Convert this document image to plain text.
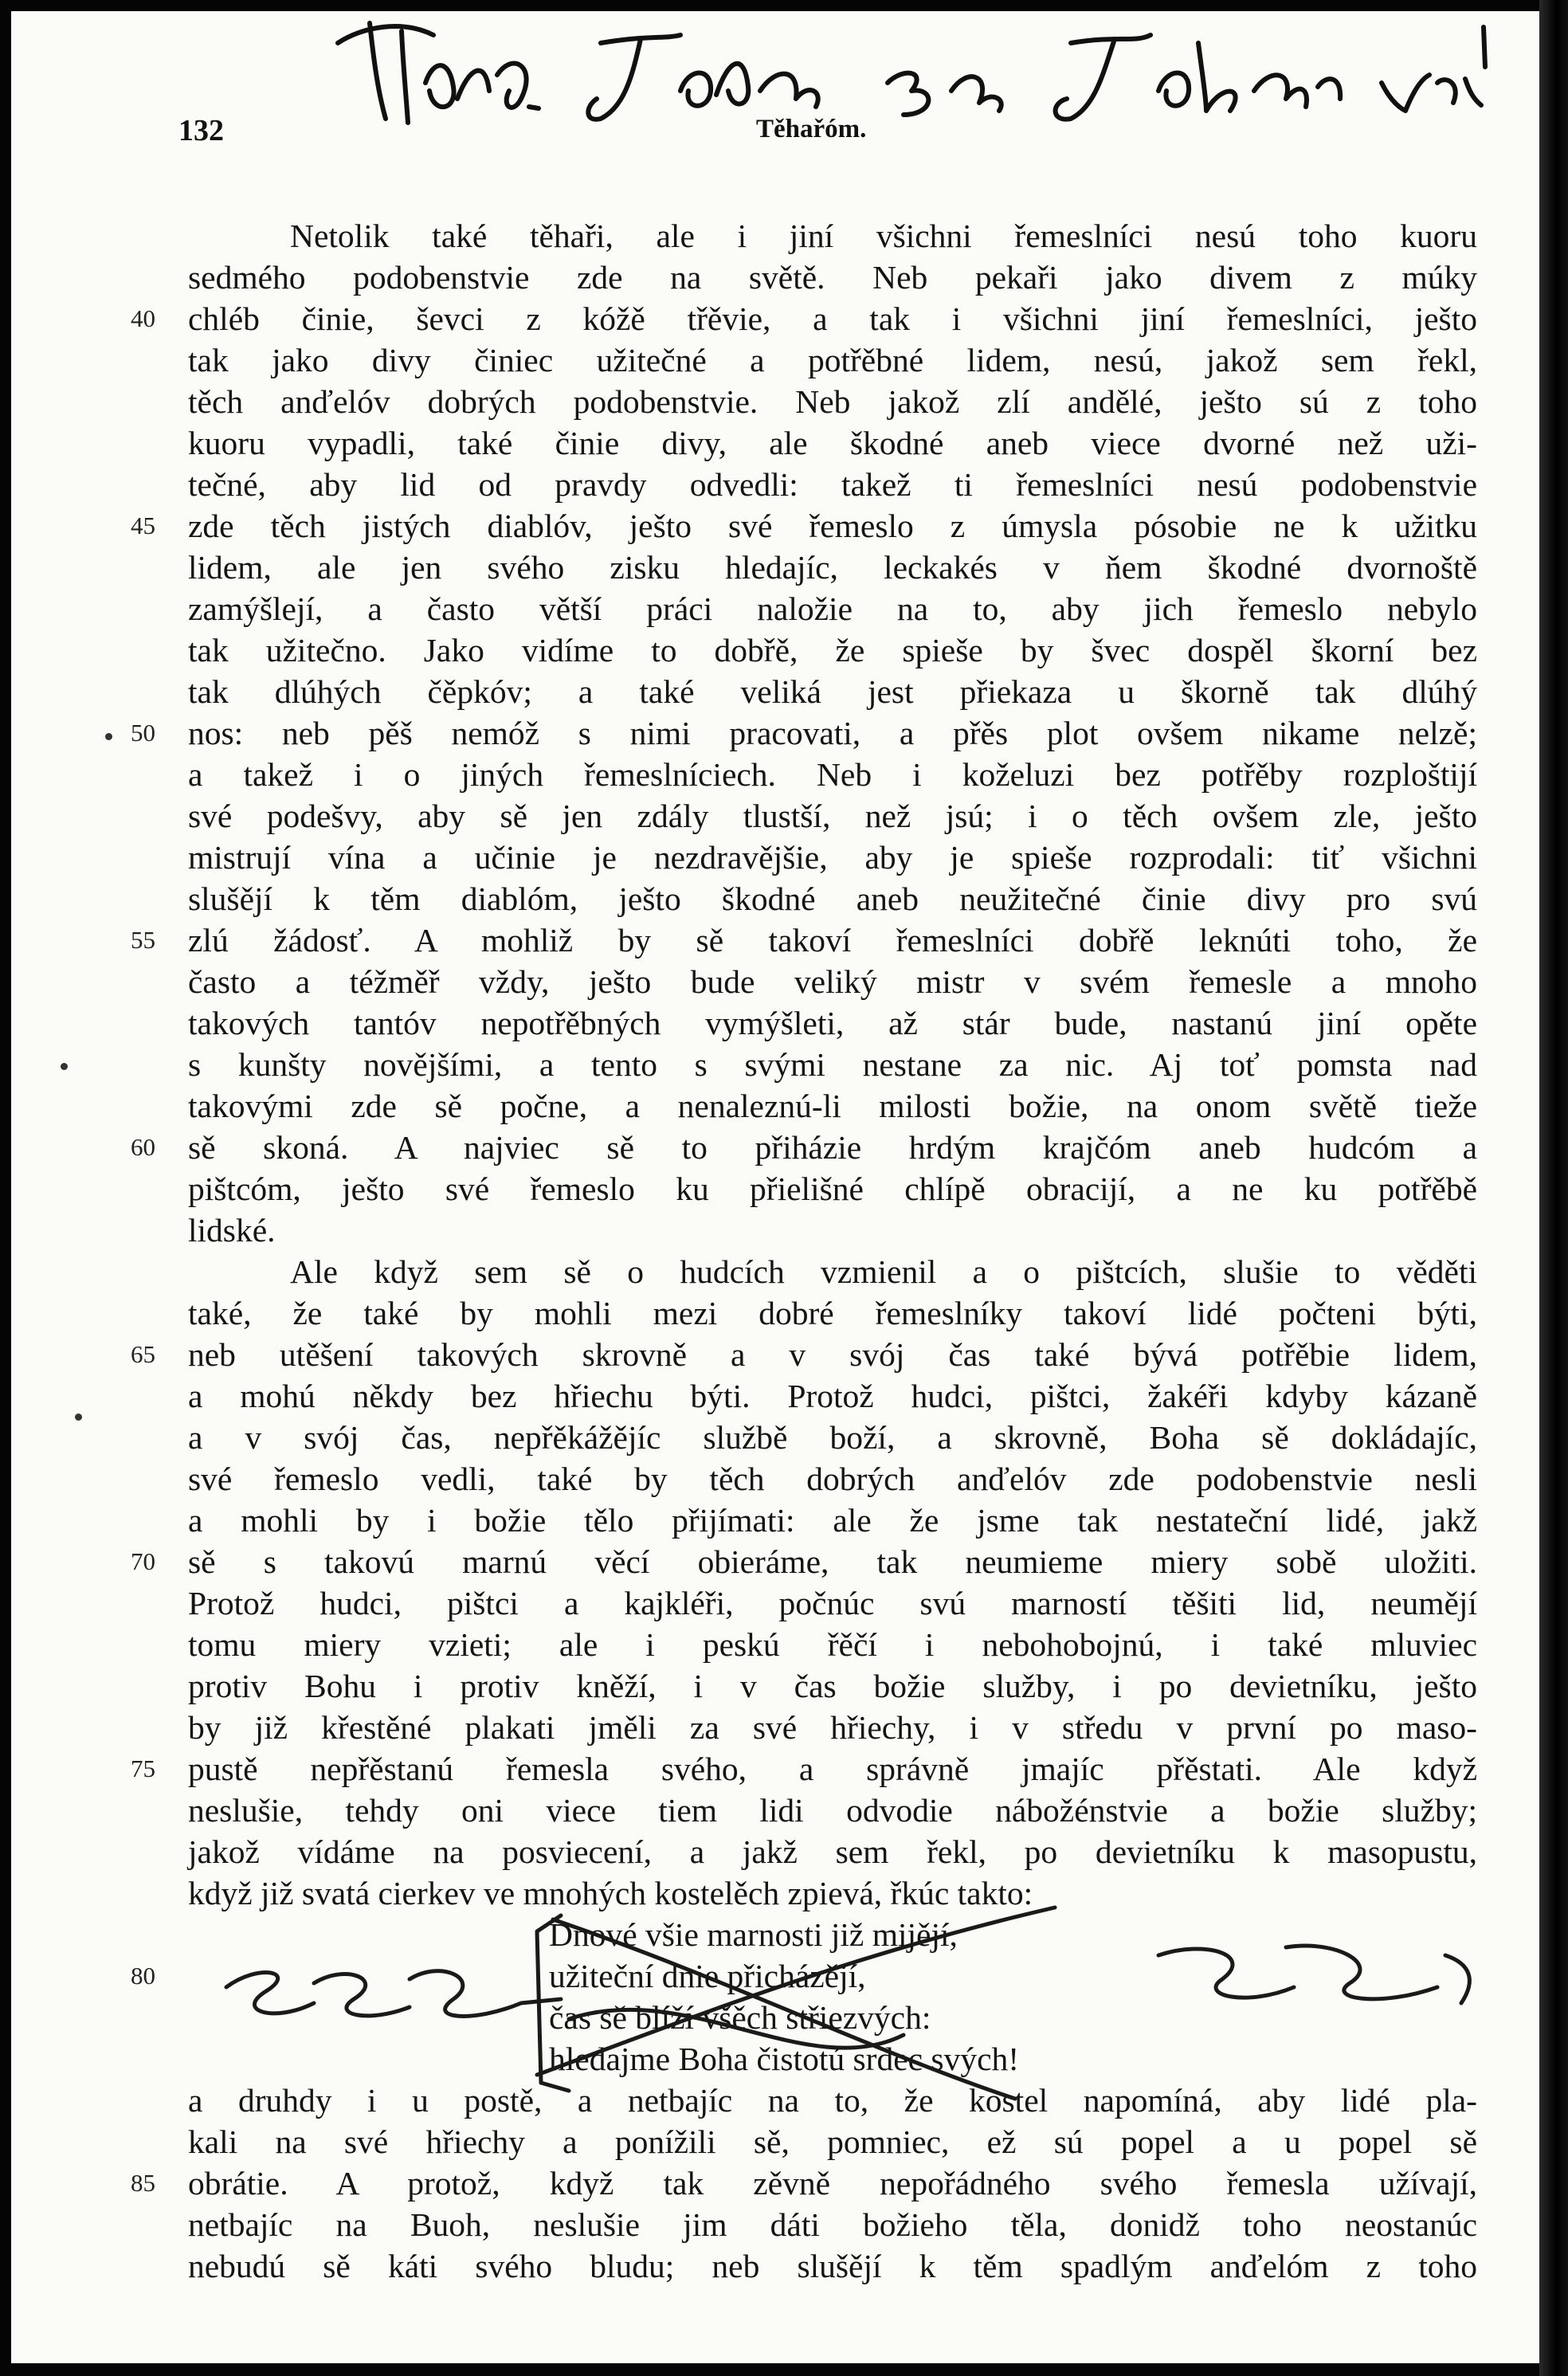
132	Těhařóm.
40
45
50
55
60
65
70
75
80
85
Netolik také těhaři, ale i jiní všichni řemeslníci nesú toho kuoru
sedmého podobenstvie zde na světě. Neb pekaři jako divem z múky
chléb činie, ševci z kóžě třěvie, a tak i všichni jiní řemeslníci, ješto
tak jako divy činiec užitečné a potřěbné lidem, nesú, jakož sem řekl,
těch anďelóv dobrých podobenstvie. Neb jakož zlí andělé, ješto sú z toho
kuoru vypadli, také činie divy, ale škodné aneb viece dvorné než uži-
tečné, aby lid od pravdy odvedli: takež ti řemeslníci nesú podobenstvie
zde těch jistých diablóv, ješto své řemeslo z úmysla pósobie ne k užitku
lidem, ale jen svého zisku hledajíc, leckakés v ňem škodné dvornoště
zamýšlejí, a často větší práci naložie na to, aby jich řemeslo nebylo
tak užitečno. Jako vidíme to dobřě, že spieše by švec dospěl škorní bez
tak dlúhých čěpkóv; a také veliká jest přiekaza u škorně tak dlúhý
nos: neb pěš nemóž s nimi pracovati, a přěs plot ovšem nikame nelzě;
a takež i o jiných řemeslníciech. Neb i koželuzi bez potřěby rozploštijí
své podešvy, aby sě jen zdály tlustší, než jsú; i o těch ovšem zle, ješto
mistrují vína a učinie je nezdravějšie, aby je spieše rozprodali: tiť všichni
slušějí k těm diablóm, ješto škodné aneb neužitečné činie divy pro svú
zlú žádosť. A mohliž by sě takoví řemeslníci dobřě leknúti toho, že
často a téžměř vždy, ješto bude veliký mistr v svém řemesle a mnoho
takových tantóv nepotřěbných vymýšleti, až stár bude, nastanú jiní opěte
s kunšty novějšími, a tento s svými nestane za nic. Aj toť pomsta nad
takovými zde sě počne, a nenaleznú-li milosti božie, na onom světě tieže
sě skoná. A najviec sě to přiházie hrdým krajčóm aneb hudcóm a
pištcóm, ješto své řemeslo ku přielišné chlípě obracijí, a ne ku potřěbě
lidské.
Ale když sem sě o hudcích vzmienil a o pištcích, slušie to věděti
také, že také by mohli mezi dobré řemeslníky takoví lidé počteni býti,
neb utěšení takových skrovně a v svój čas také bývá potřěbie lidem,
a mohú někdy bez hřiechu býti. Protož hudci, pištci, žakéři kdyby kázaně
a v svój čas, nepřěkážějíc službě boží, a skrovně, Boha sě dokládajíc,
své řemeslo vedli, také by těch dobrých anďelóv zde podobenstvie nesli
a mohli by i božie tělo přijímati: ale že jsme tak nestateční lidé, jakž
sě s takovú marnú věcí obieráme, tak neumieme miery sobě uložiti.
Protož hudci, pištci a kajkléři, počnúc svú marností těšiti lid, neumějí
tomu miery vzieti; ale i peskú řěčí i nebohobojnú, i také mluviec
protiv Bohu i protiv kněží, i v čas božie služby, i po devietníku, ješto
by již křestěné plakati jměli za své hřiechy, i v středu v první po maso-
pustě nepřěstanú řemesla svého, a správně jmajíc přěstati. Ale když
neslušie, tehdy oni viece tiem lidi odvodie nábožénstvie a božie služby;
jakož vídáme na posviecení, a jakž sem řekl, po devietníku k masopustu,
když již svatá cierkev ve mnohých kostelěch zpievá, řkúc takto:
Dnové všie marnosti již mijějí,
užiteční dnie přicházějí,
čas sě blíží všěch střiezvých:
hledajme Boha čistotú srdec svých!
a druhdy i u postě, a netbajíc na to, že kostel napomíná, aby lidé pla-
kali na své hřiechy a ponížili sě, pomniec, ež sú popel a u popel sě
obrátie. A protož, když tak zěvně nepořádného svého řemesla užívají,
netbajíc na Buoh, neslušie jim dáti božieho těla, donidž toho neostanúc
nebudú sě káti svého bludu; neb slušějí k těm spadlým anďelóm z toho
